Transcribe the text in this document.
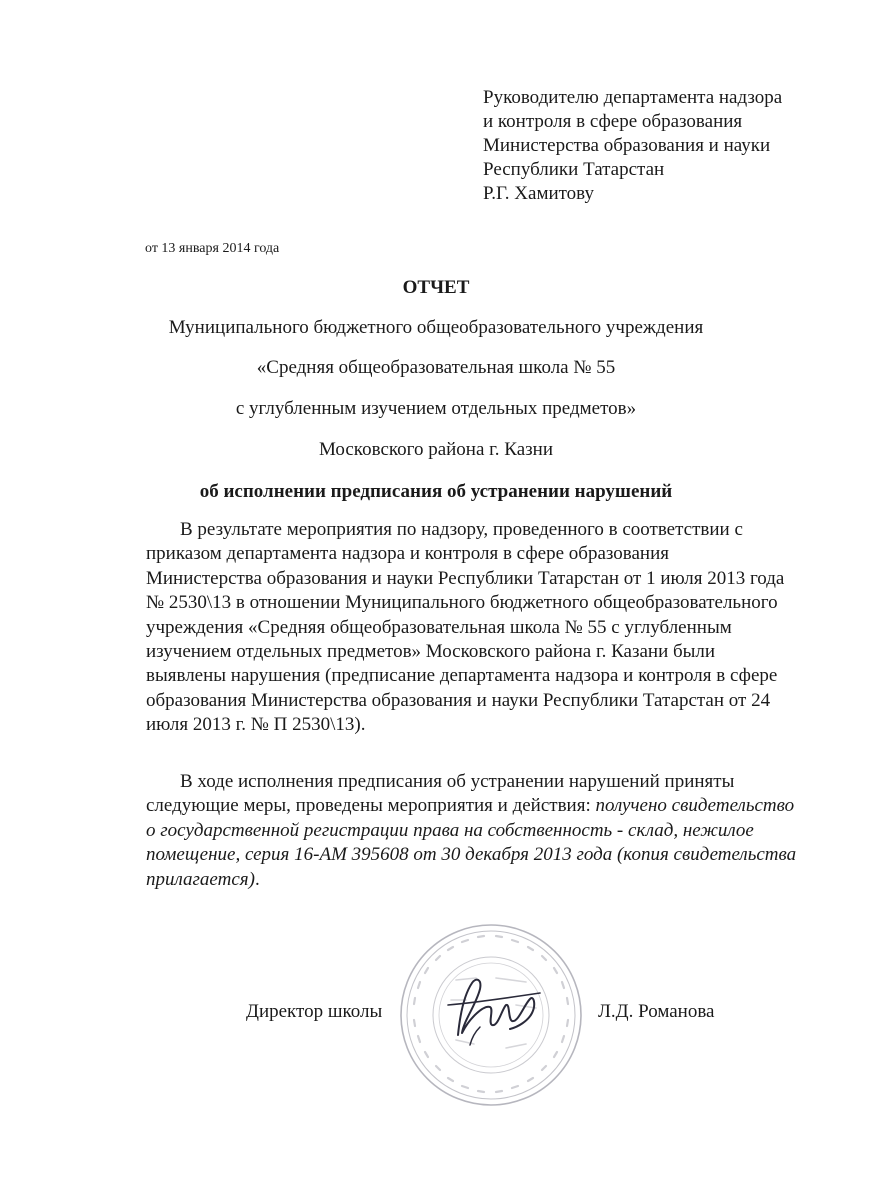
Руководителю департамента надзора
и контроля в сфере образования
Министерства образования и науки
Республики Татарстан
Р.Г. Хамитову
от 13 января 2014 года
ОТЧЕТ
Муниципального бюджетного общеобразовательного учреждения
«Средняя общеобразовательная школа № 55
с углубленным изучением отдельных предметов»
Московского района г. Казни
об исполнении предписания об устранении нарушений
В результате мероприятия по надзору, проведенного в соответствии с
приказом департамента надзора и контроля в сфере образования
Министерства образования и науки Республики Татарстан от 1 июля 2013 года
№ 2530\13 в отношении Муниципального бюджетного общеобразовательного
учреждения «Средняя общеобразовательная школа № 55 с углубленным
изучением отдельных предметов» Московского района г. Казани были
выявлены нарушения (предписание департамента надзора и контроля в сфере
образования Министерства образования и науки Республики Татарстан от 24
июля 2013 г. № П 2530\13).
В ходе исполнения предписания об устранении нарушений приняты
следующие меры, проведены мероприятия и действия: получено свидетельство
о государственной регистрации права на собственность - склад, нежилое
помещение, серия 16-АМ 395608 от 30 декабря 2013 года (копия свидетельства
прилагается).
Директор школы	Л.Д. Романова
